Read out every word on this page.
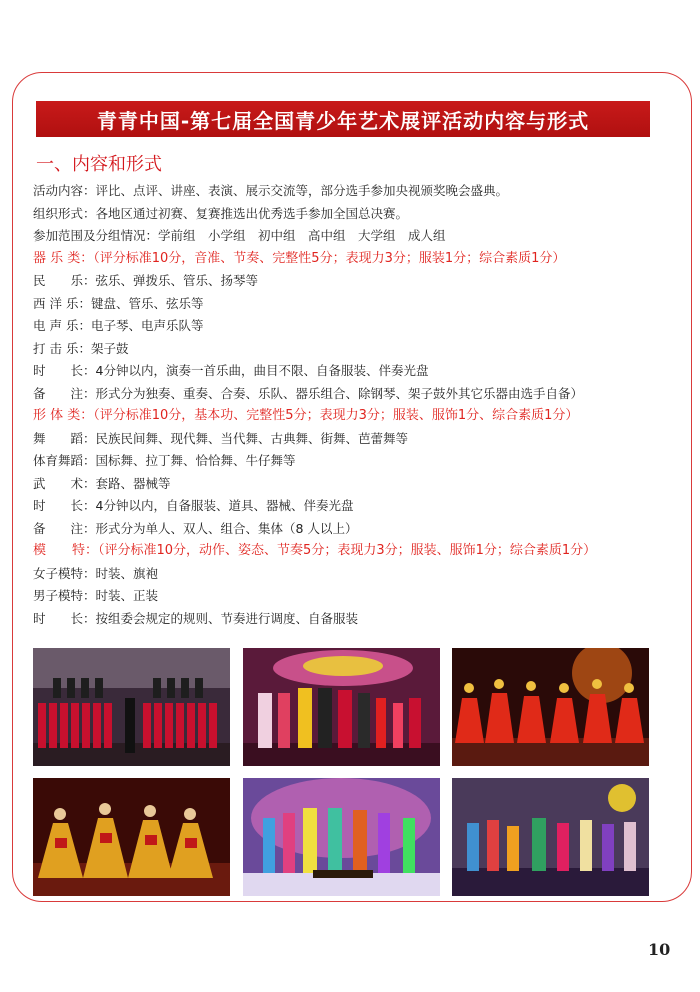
青青中国-第七届全国青少年艺术展评活动内容与形式
一、内容和形式
活动内容：评比、点评、讲座、表演、展示交流等，部分选手参加央视颁奖晚会盛典。
组织形式：各地区通过初赛、复赛推选出优秀选手参加全国总决赛。
参加范围及分组情况：学前组　小学组　初中组　高中组　大学组　成人组
器 乐 类：（评分标准10分，音准、节奏、完整性5分；表现力3分；服装1分；综合素质1分）
民　　乐：弦乐、弹拨乐、管乐、扬琴等
西 洋 乐：键盘、管乐、弦乐等
电 声 乐：电子琴、电声乐队等
打 击 乐：架子鼓
时　　长：4分钟以内，演奏一首乐曲，曲目不限、自备服装、伴奏光盘
备　　注：形式分为独奏、重奏、合奏、乐队、器乐组合、除钢琴、架子鼓外其它乐器由选手自备）
形 体 类：（评分标准10分，基本功、完整性5分；表现力3分；服装、服饰1分、综合素质1分）
舞　　蹈：民族民间舞、现代舞、当代舞、古典舞、街舞、芭蕾舞等
体育舞蹈：国标舞、拉丁舞、恰恰舞、牛仔舞等
武　　术：套路、器械等
时　　长：4分钟以内，自备服装、道具、器械、伴奏光盘
备　　注：形式分为单人、双人、组合、集体（8 人以上）
模　　特：（评分标准10分，动作、姿态、节奏5分；表现力3分；服装、服饰1分；综合素质1分）
女子模特：时装、旗袍
男子模特：时装、正装
时　　长：按组委会规定的规则、节奏进行调度、自备服装
10
